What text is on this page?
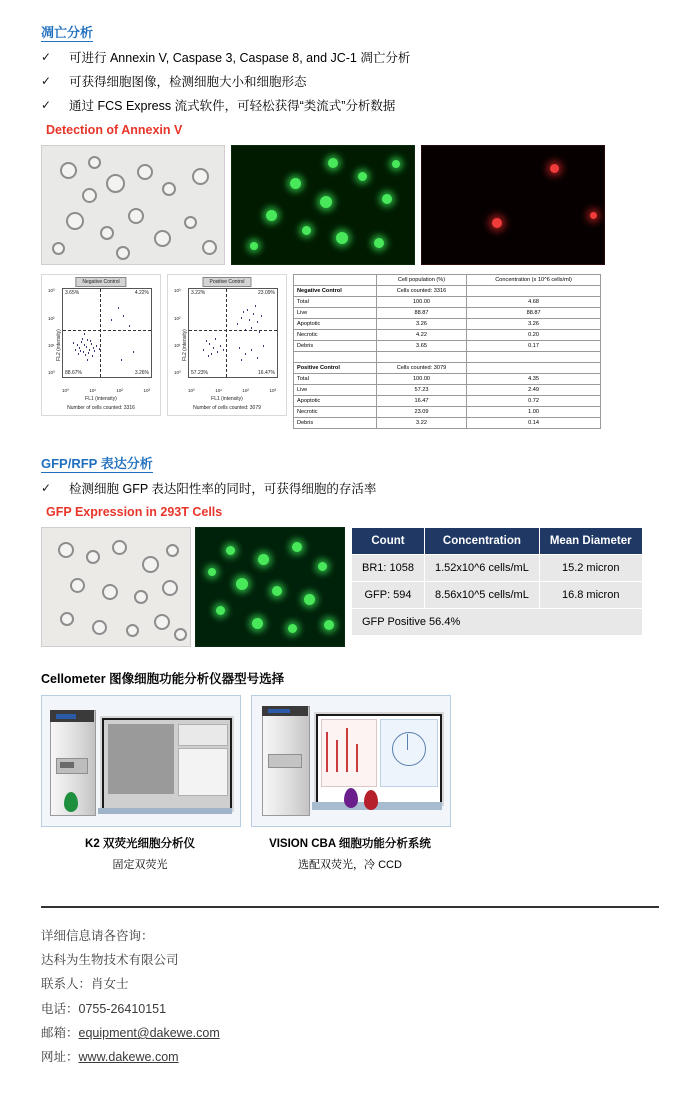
凋亡分析
✓	可进行 Annexin V, Caspase 3, Caspase 8, and JC-1 凋亡分析
✓	可获得细胞图像，检测细胞大小和细胞形态
✓	通过 FCS Express 流式软件，可轻松获得“类流式”分析数据
Detection of Annexin V
Negative Control
10³
10²
10¹
10⁰
3.65%	4.22%
88.67%	3.26%
10⁰	10¹	10²	10³
FL2 (intensity)
FL1 (intensity)
Number of cells counted: 3316
Positive Control
10³
10²
10¹
10⁰
3.22%	23.09%
57.23%	16.47%
10⁰	10¹	10²	10³
FL2 (intensity)
FL1 (intensity)
Number of cells counted: 3079
	Cell population (%)	Concentration (x 10^6 cells/ml)
Negative Control	Cells counted: 3316	
Total	100.00	4.68
Live	88.87	88.87
Apoptotic	3.26	3.26
Necrotic	4.22	0.20
Debris	3.65	0.17

Positive Control	Cells counted: 3079	
Total	100.00	4.35
Live	57.23	2.49
Apoptotic	16.47	0.72
Necrotic	23.09	1.00
Debris	3.22	0.14
GFP/RFP 表达分析
✓	检测细胞 GFP 表达阳性率的同时，可获得细胞的存活率
GFP Expression in 293T Cells
Count	Concentration	Mean Diameter
BR1: 1058	1.52x10^6 cells/mL	15.2 micron
GFP: 594	8.56x10^5 cells/mL	16.8 micron
GFP Positive 56.4%		
Cellometer 图像细胞功能分析仪器型号选择
K2 双荧光细胞分析仪
固定双荧光
VISION CBA 细胞功能分析系统
选配双荧光，冷 CCD
详细信息请各咨询：
达科为生物技术有限公司
联系人：肖女士
电话：0755-26410151
邮箱：equipment@dakewe.com
网址：www.dakewe.com
